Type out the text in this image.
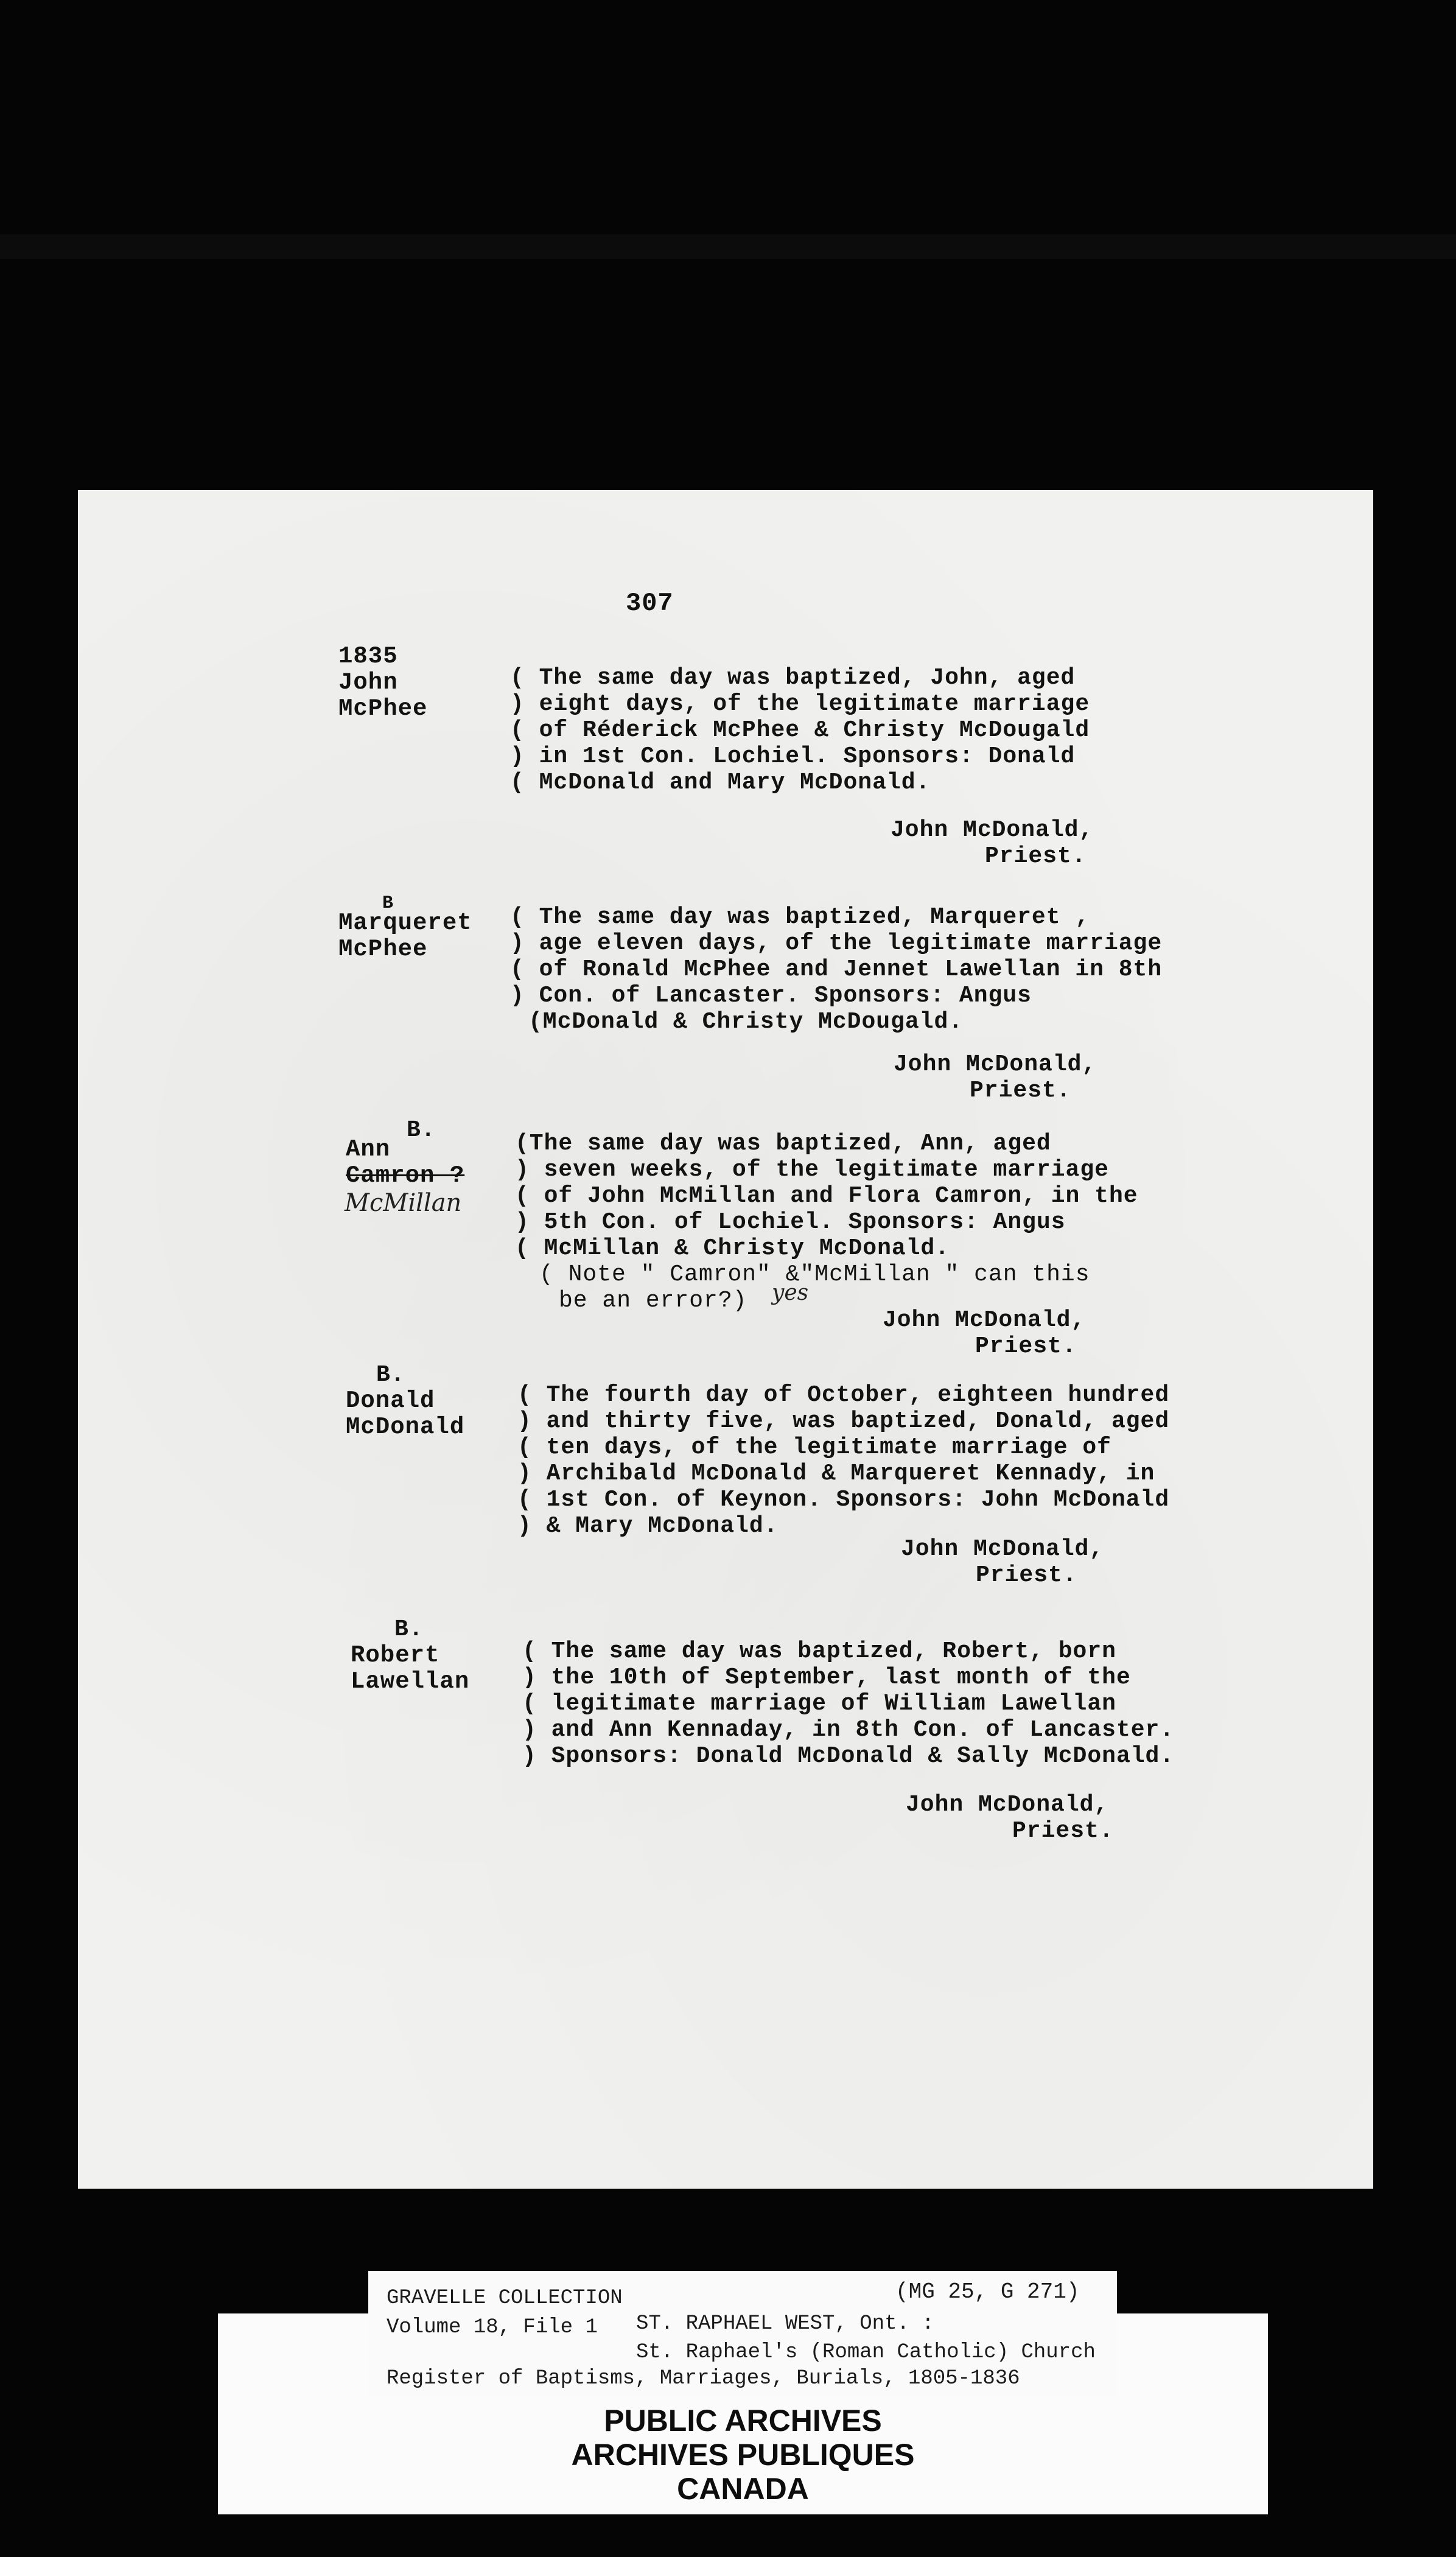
307
1835
John
McPhee
( The same day was baptized, John, aged
) eight days, of the legitimate marriage
( of Réderick McPhee & Christy McDougald
) in 1st Con. Lochiel. Sponsors: Donald
( McDonald and Mary McDonald.
John McDonald,
Priest.
B
Marqueret
McPhee
( The same day was baptized, Marqueret ,
) age eleven days, of the legitimate marriage
( of Ronald McPhee and Jennet Lawellan in 8th
) Con. of Lancaster. Sponsors: Angus
(McDonald & Christy McDougald.
John McDonald,
Priest.
B.
Ann
Camron ?
McMillan
(The same day was baptized, Ann, aged
) seven weeks, of the legitimate marriage
( of John McMillan and Flora Camron, in the
) 5th Con. of Lochiel. Sponsors: Angus
( McMillan & Christy McDonald.
( Note " Camron" &"McMillan " can this
be an error?) yes
John McDonald,
Priest.
B.
Donald
McDonald
( The fourth day of October, eighteen hundred
) and thirty five, was baptized, Donald, aged
( ten days, of the legitimate marriage of
) Archibald McDonald & Marqueret Kennady, in
( 1st Con. of Keynon. Sponsors: John McDonald
) & Mary McDonald.
John McDonald,
Priest.
B.
Robert
Lawellan
( The same day was baptized, Robert, born
) the 10th of September, last month of the
( legitimate marriage of William Lawellan
) and Ann Kennaday, in 8th Con. of Lancaster.
) Sponsors: Donald McDonald & Sally McDonald.
John McDonald,
Priest.
PUBLIC ARCHIVES
ARCHIVES PUBLIQUES
CANADA
GRAVELLE COLLECTION	(MG 25, G 271)
Volume 18, File 1 ST. RAPHAEL WEST, Ont. :
St. Raphael's (Roman Catholic) Church
Register of Baptisms, Marriages, Burials, 1805-1836
